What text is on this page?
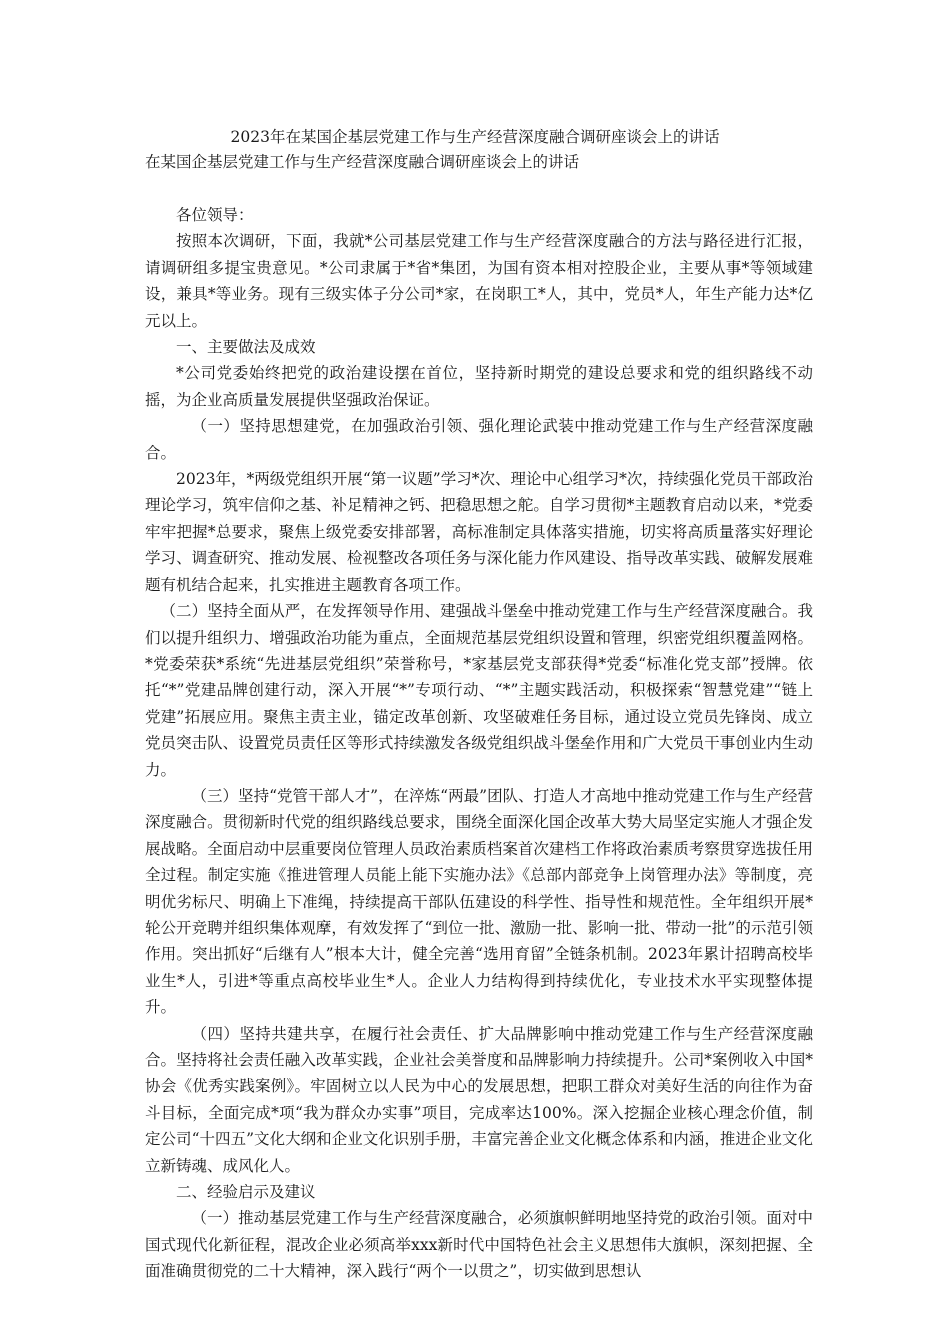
2023年在某国企基层党建工作与生产经营深度融合调研座谈会上的讲话
在某国企基层党建工作与生产经营深度融合调研座谈会上的讲话

各位领导：

按照本次调研，下面，我就*公司基层党建工作与生产经营深度融合的方法与路径进行汇报，请调研组多提宝贵意见。*公司隶属于*省*集团，为国有资本相对控股企业，主要从事*等领域建设，兼具*等业务。现有三级实体子分公司*家，在岗职工*人，其中，党员*人，年生产能力达*亿元以上。

一、主要做法及成效

*公司党委始终把党的政治建设摆在首位，坚持新时期党的建设总要求和党的组织路线不动摇，为企业高质量发展提供坚强政治保证。

（一）坚持思想建党，在加强政治引领、强化理论武装中推动党建工作与生产经营深度融合。

2023年，*两级党组织开展“第一议题”学习*次、理论中心组学习*次，持续强化党员干部政治理论学习，筑牢信仰之基、补足精神之钙、把稳思想之舵。自学习贯彻*主题教育启动以来，*党委牢牢把握*总要求，聚焦上级党委安排部署，高标准制定具体落实措施，切实将高质量落实好理论学习、调查研究、推动发展、检视整改各项任务与深化能力作风建设、指导改革实践、破解发展难题有机结合起来，扎实推进主题教育各项工作。

（二）坚持全面从严，在发挥领导作用、建强战斗堡垒中推动党建工作与生产经营深度融合。我们以提升组织力、增强政治功能为重点，全面规范基层党组织设置和管理，织密党组织覆盖网格。*党委荣获*系统“先进基层党组织”荣誉称号，*家基层党支部获得*党委“标准化党支部”授牌。依托“*”党建品牌创建行动，深入开展“*”专项行动、“*”主题实践活动，积极探索“智慧党建”“链上党建”拓展应用。聚焦主责主业，锚定改革创新、攻坚破难任务目标，通过设立党员先锋岗、成立党员突击队、设置党员责任区等形式持续激发各级党组织战斗堡垒作用和广大党员干事创业内生动力。

（三）坚持“党管干部人才”，在淬炼“两最”团队、打造人才高地中推动党建工作与生产经营深度融合。贯彻新时代党的组织路线总要求，围绕全面深化国企改革大势大局坚定实施人才强企发展战略。全面启动中层重要岗位管理人员政治素质档案首次建档工作将政治素质考察贯穿选拔任用全过程。制定实施《推进管理人员能上能下实施办法》《总部内部竞争上岗管理办法》等制度，亮明优劣标尺、明确上下准绳，持续提高干部队伍建设的科学性、指导性和规范性。全年组织开展*轮公开竞聘并组织集体观摩，有效发挥了“到位一批、激励一批、影响一批、带动一批”的示范引领作用。突出抓好“后继有人”根本大计，健全完善“选用育留”全链条机制。2023年累计招聘高校毕业生*人，引进*等重点高校毕业生*人。企业人力结构得到持续优化，专业技术水平实现整体提升。

（四）坚持共建共享，在履行社会责任、扩大品牌影响中推动党建工作与生产经营深度融合。坚持将社会责任融入改革实践，企业社会美誉度和品牌影响力持续提升。公司*案例收入中国*协会《优秀实践案例》。牢固树立以人民为中心的发展思想，把职工群众对美好生活的向往作为奋斗目标，全面完成*项“我为群众办实事”项目，完成率达100%。深入挖掘企业核心理念价值，制定公司“十四五”文化大纲和企业文化识别手册，丰富完善企业文化概念体系和内涵，推进企业文化立新铸魂、成风化人。

二、经验启示及建议

（一）推动基层党建工作与生产经营深度融合，必须旗帜鲜明地坚持党的政治引领。面对中国式现代化新征程，混改企业必须高举xxx新时代中国特色社会主义思想伟大旗帜，深刻把握、全面准确贯彻党的二十大精神，深入践行“两个一以贯之”，切实做到思想认
